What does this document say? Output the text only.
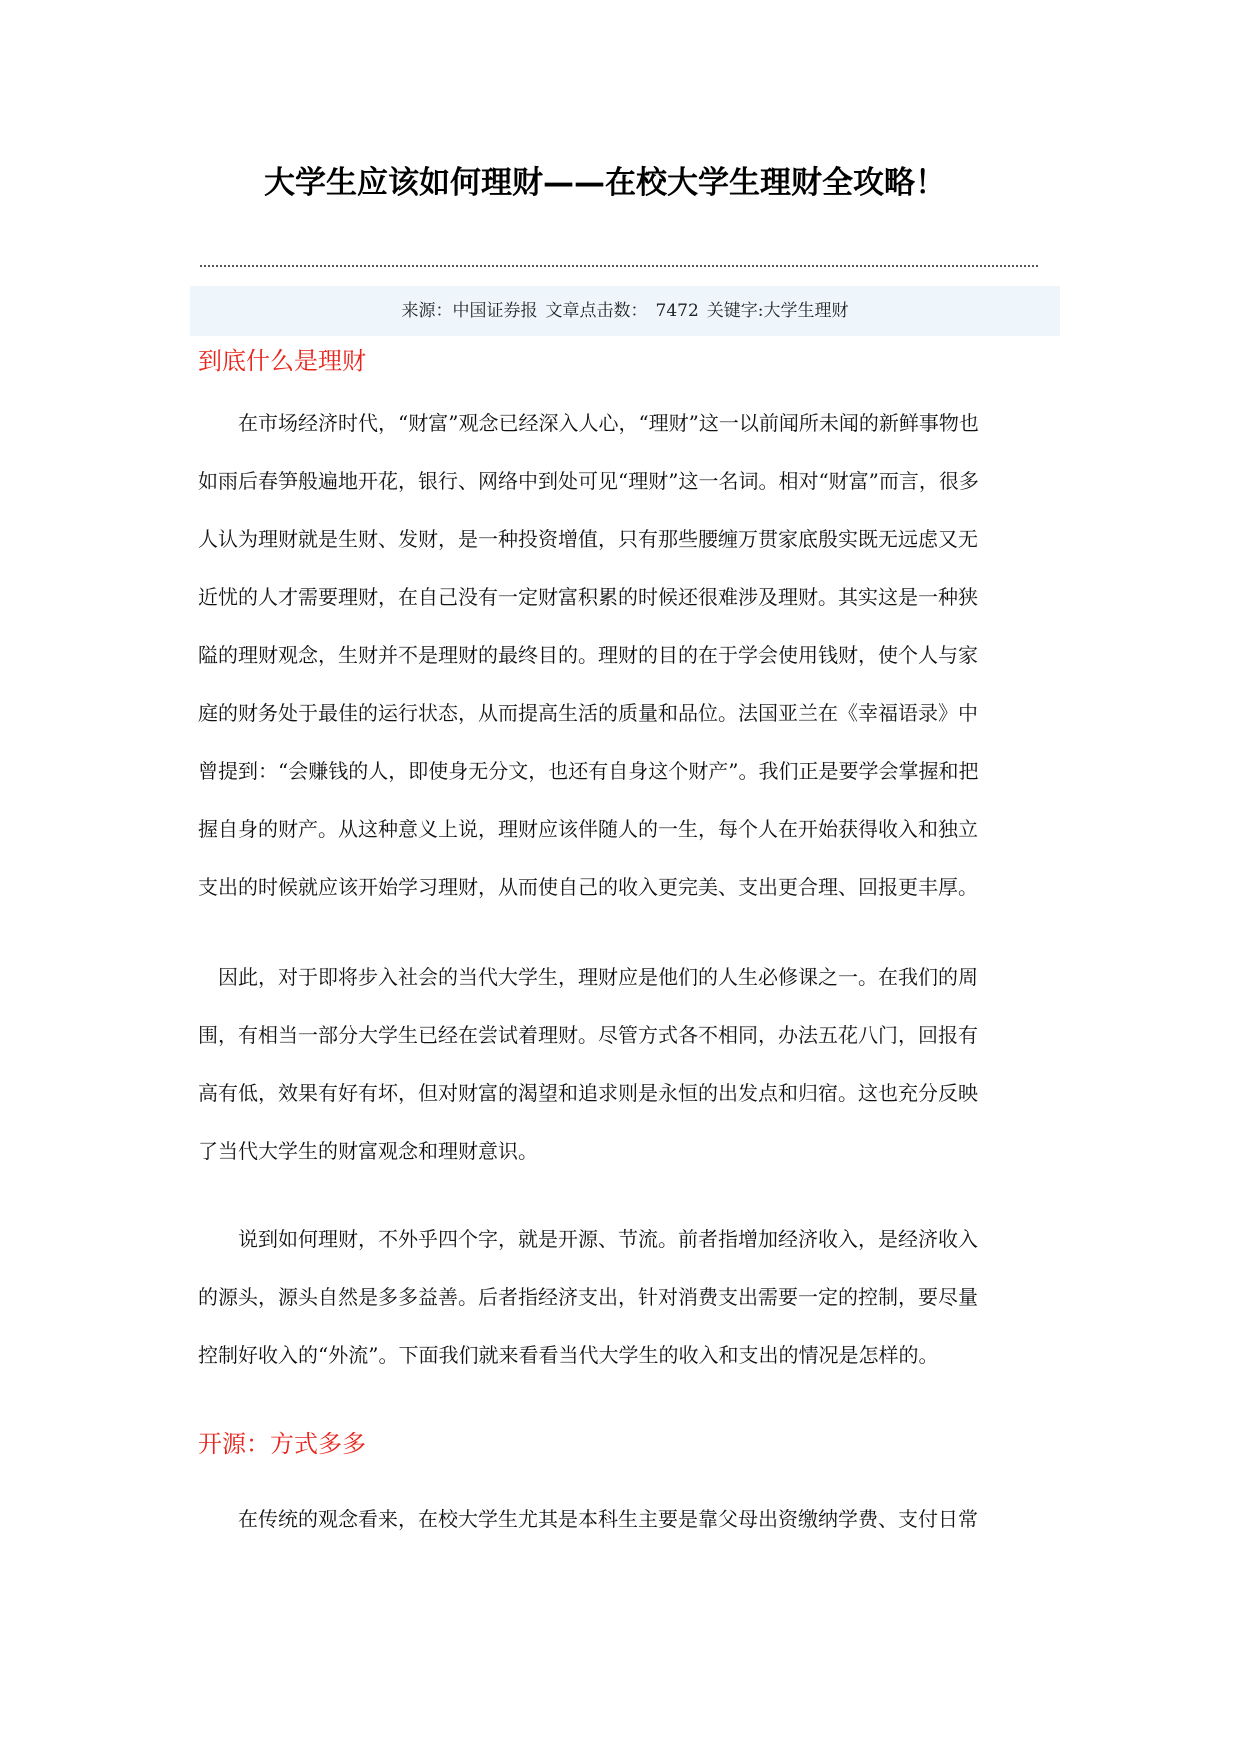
大学生应该如何理财——在校大学生理财全攻略！
来源：中国证券报 文章点击数： 7472 关键字:大学生理财
到底什么是理财
　　在市场经济时代，“财富”观念已经深入人心，“理财”这一以前闻所未闻的新鲜事物也
如雨后春笋般遍地开花，银行、网络中到处可见“理财”这一名词。相对“财富”而言，很多
人认为理财就是生财、发财，是一种投资增值，只有那些腰缠万贯家底殷实既无远虑又无
近忧的人才需要理财，在自己没有一定财富积累的时候还很难涉及理财。其实这是一种狭
隘的理财观念，生财并不是理财的最终目的。理财的目的在于学会使用钱财，使个人与家
庭的财务处于最佳的运行状态，从而提高生活的质量和品位。法国亚兰在《幸福语录》中
曾提到：“会赚钱的人，即使身无分文，也还有自身这个财产”。我们正是要学会掌握和把
握自身的财产。从这种意义上说，理财应该伴随人的一生，每个人在开始获得收入和独立
支出的时候就应该开始学习理财，从而使自己的收入更完美、支出更合理、回报更丰厚。
　因此，对于即将步入社会的当代大学生，理财应是他们的人生必修课之一。在我们的周
围，有相当一部分大学生已经在尝试着理财。尽管方式各不相同，办法五花八门，回报有
高有低，效果有好有坏，但对财富的渴望和追求则是永恒的出发点和归宿。这也充分反映
了当代大学生的财富观念和理财意识。
　　说到如何理财，不外乎四个字，就是开源、节流。前者指增加经济收入，是经济收入
的源头，源头自然是多多益善。后者指经济支出，针对消费支出需要一定的控制，要尽量
控制好收入的“外流”。下面我们就来看看当代大学生的收入和支出的情况是怎样的。
开源：方式多多
　　在传统的观念看来，在校大学生尤其是本科生主要是靠父母出资缴纳学费、支付日常
